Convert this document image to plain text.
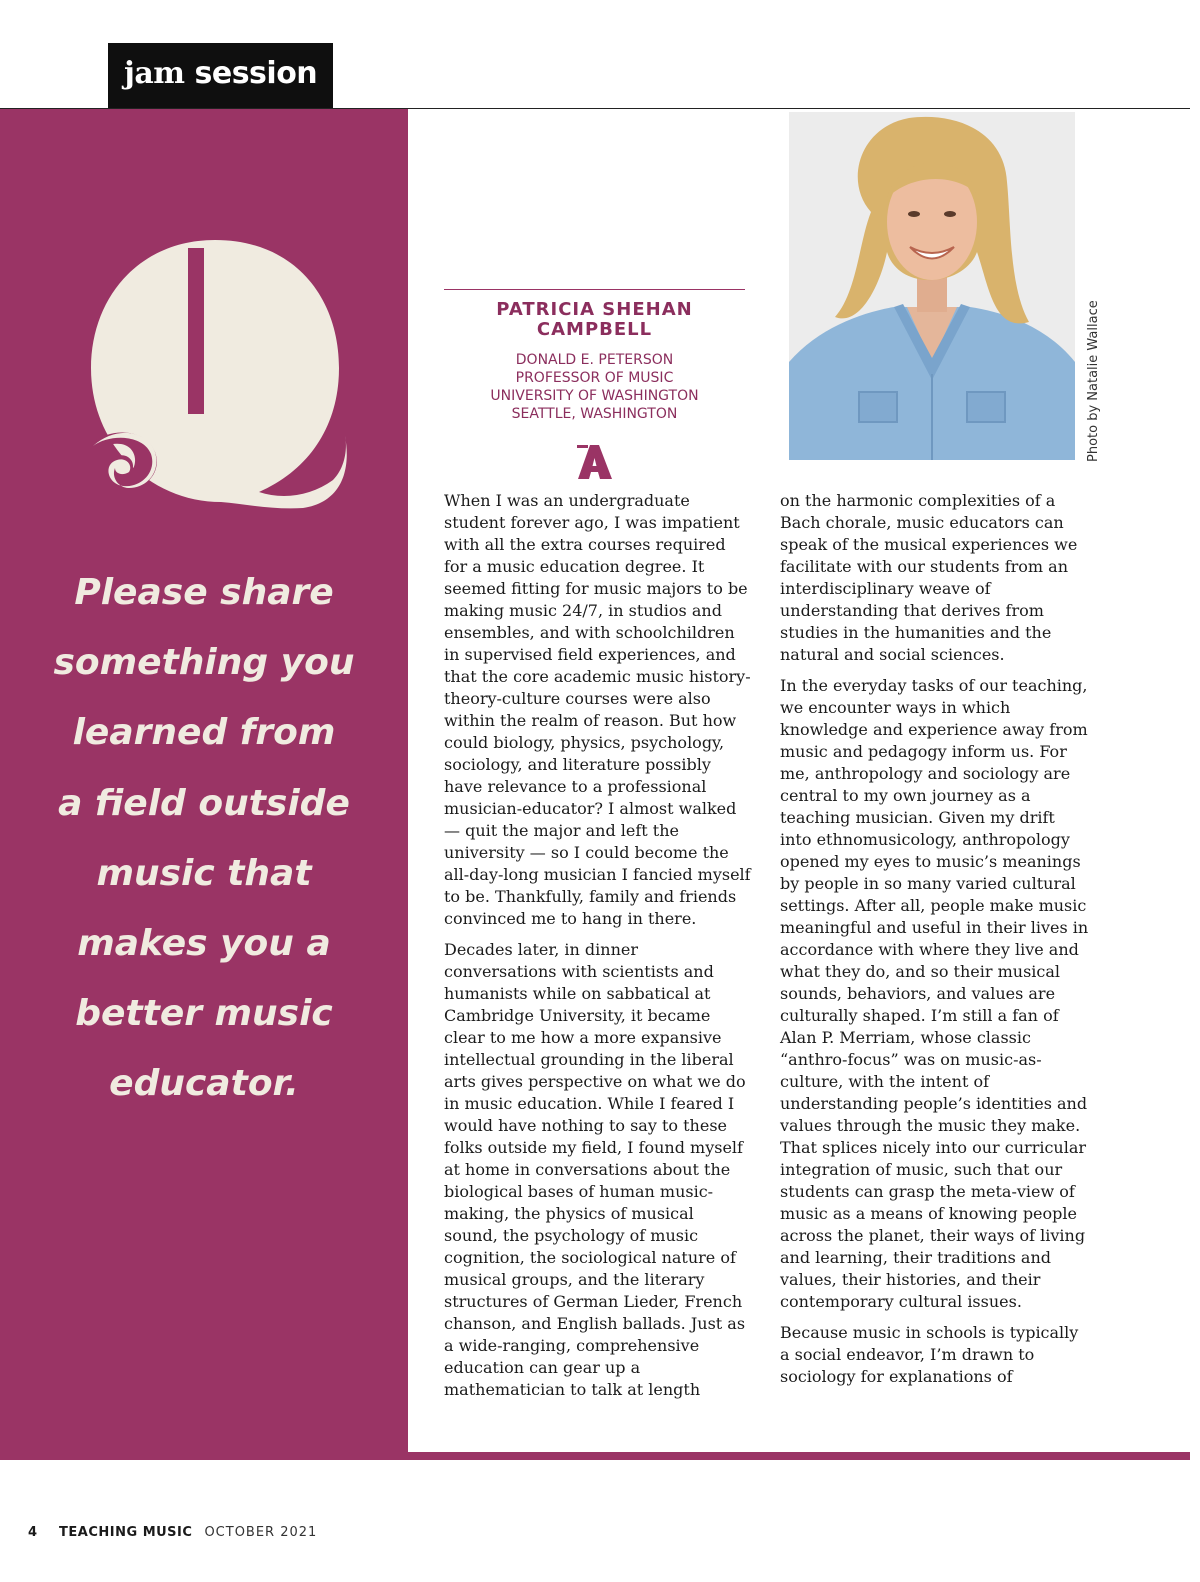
jam session
Please share
something you
learned from
a field outside
music that
makes you a
better music
educator.
PATRICIA SHEHAN
CAMPBELL
DONALD E. PETERSON
PROFESSOR OF MUSIC
UNIVERSITY OF WASHINGTON
SEATTLE, WASHINGTON	Photo by Natalie Wallace

When I was an undergraduate student forever ago, I was impatient with all the extra courses required for a music education degree. It seemed fitting for music majors to be making music 24/7, in studios and ensembles, and with schoolchildren in supervised field experiences, and that the core academic music history-theory-culture courses were also within the realm of reason. But how could biology, physics, psychology, sociology, and literature possibly have relevance to a professional musician-educator? I almost walked — quit the major and left the university — so I could become the all-day-long musician I fancied myself to be. Thankfully, family and friends convinced me to hang in there.

Decades later, in dinner conversations with scientists and humanists while on sabbatical at Cambridge University, it became clear to me how a more expansive intellectual grounding in the liberal arts gives perspective on what we do in music education. While I feared I would have nothing to say to these folks outside my field, I found myself at home in conversations about the biological bases of human music-making, the physics of musical sound, the psychology of music cognition, the sociological nature of musical groups, and the literary structures of German Lieder, French chanson, and English ballads. Just as a wide-ranging, comprehensive education can gear up a mathematician to talk at length

on the harmonic complexities of a Bach chorale, music educators can speak of the musical experiences we facilitate with our students from an interdisciplinary weave of understanding that derives from studies in the humanities and the natural and social sciences.

In the everyday tasks of our teaching, we encounter ways in which knowledge and experience away from music and pedagogy inform us. For me, anthropology and sociology are central to my own journey as a teaching musician. Given my drift into ethnomusicology, anthropology opened my eyes to music’s meanings by people in so many varied cultural settings. After all, people make music meaningful and useful in their lives in accordance with where they live and what they do, and so their musical sounds, behaviors, and values are culturally shaped. I’m still a fan of Alan P. Merriam, whose classic “anthro-focus” was on music-as-culture, with the intent of understanding people’s identities and values through the music they make. That splices nicely into our curricular integration of music, such that our students can grasp the meta-view of music as a means of knowing people across the planet, their ways of living and learning, their traditions and values, their histories, and their contemporary cultural issues.

Because music in schools is typically a social endeavor, I’m drawn to sociology for explanations of

4 TEACHING MUSIC OCTOBER 2021
